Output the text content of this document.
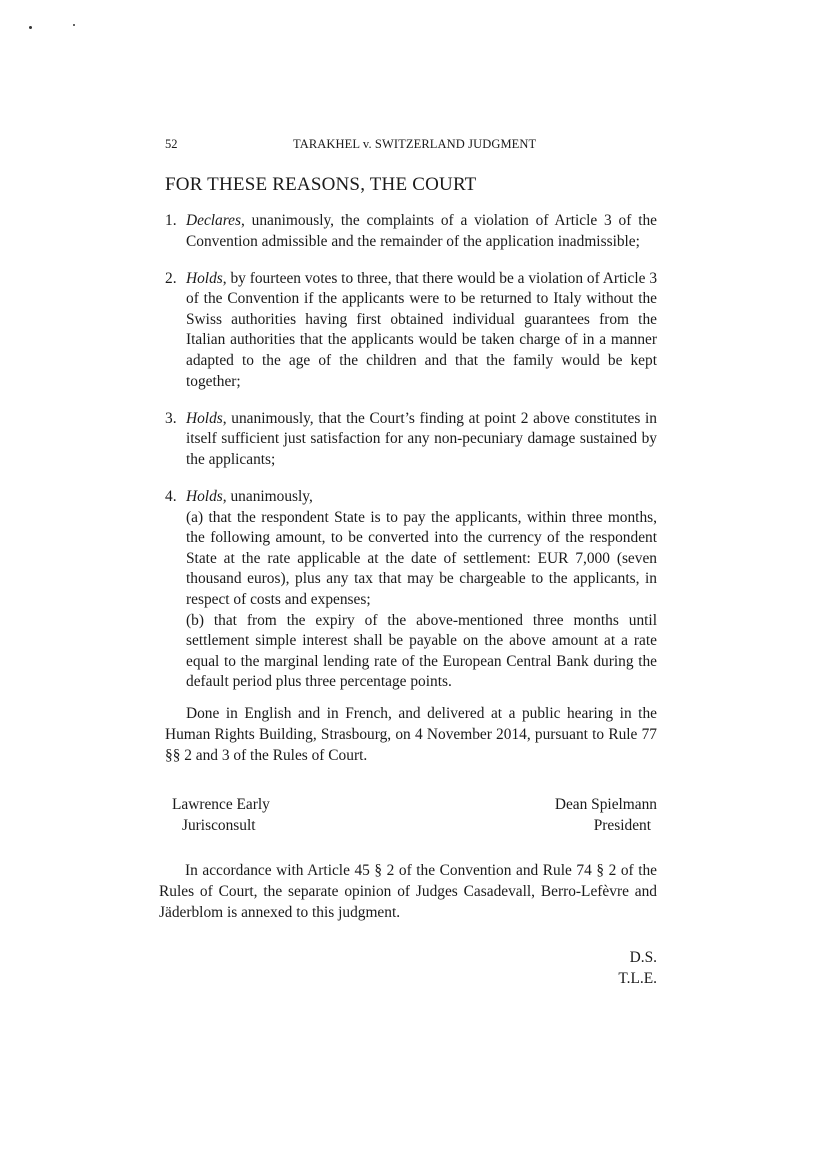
52	TARAKHEL v. SWITZERLAND JUDGMENT
FOR THESE REASONS, THE COURT
1. Declares, unanimously, the complaints of a violation of Article 3 of the Convention admissible and the remainder of the application inadmissible;
2. Holds, by fourteen votes to three, that there would be a violation of Article 3 of the Convention if the applicants were to be returned to Italy without the Swiss authorities having first obtained individual guarantees from the Italian authorities that the applicants would be taken charge of in a manner adapted to the age of the children and that the family would be kept together;
3. Holds, unanimously, that the Court’s finding at point 2 above constitutes in itself sufficient just satisfaction for any non-pecuniary damage sustained by the applicants;
4. Holds, unanimously,
(a) that the respondent State is to pay the applicants, within three months, the following amount, to be converted into the currency of the respondent State at the rate applicable at the date of settlement: EUR 7,000 (seven thousand euros), plus any tax that may be chargeable to the applicants, in respect of costs and expenses;
(b) that from the expiry of the above-mentioned three months until settlement simple interest shall be payable on the above amount at a rate equal to the marginal lending rate of the European Central Bank during the default period plus three percentage points.

Done in English and in French, and delivered at a public hearing in the Human Rights Building, Strasbourg, on 4 November 2014, pursuant to Rule 77 §§ 2 and 3 of the Rules of Court.

Lawrence Early
Jurisconsult
Dean Spielmann
President

In accordance with Article 45 § 2 of the Convention and Rule 74 § 2 of the Rules of Court, the separate opinion of Judges Casadevall, Berro-Lefèvre and Jäderblom is annexed to this judgment.

D.S.
T.L.E.
